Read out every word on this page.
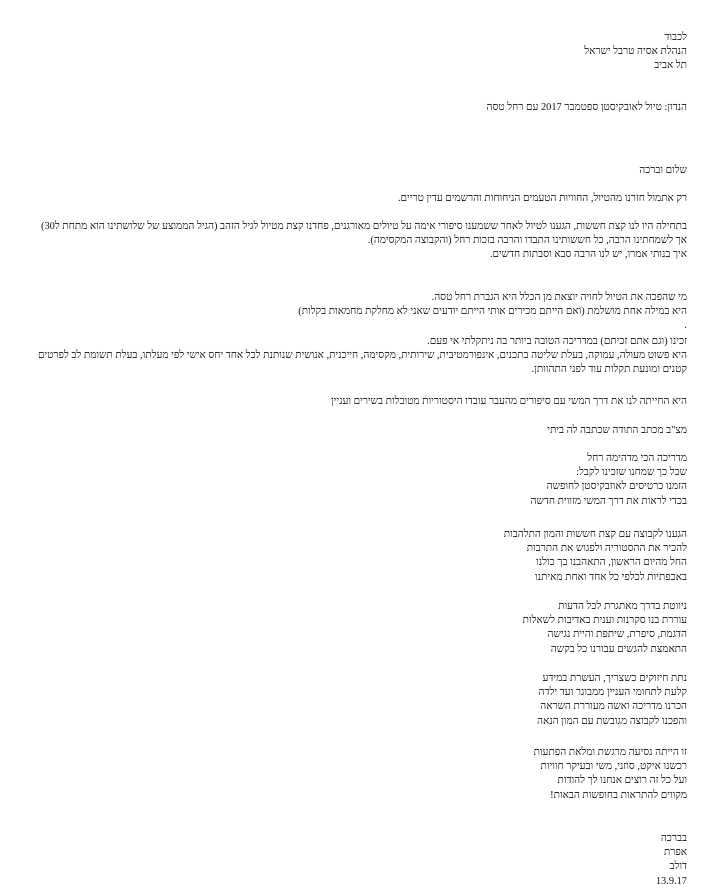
לכבוד
הנהלת אסיה טרבל ישראל
תל אביב
הנדון: טיול לאובקיסטן ספטמבר 2017 עם רחל טסה
שלום וברכה
רק אתמול חזרנו מהטיול, החוויות הטעמים הניחוחות והרשמים עדין טריים.
בתחילה היו לנו קצת חששות, הגענו לטיול לאחר ששמענו סיפורי אימה על טיולים מאורגנים, פחדנו קצת מטיול לגיל הזהב (הגיל הממוצע של שלושתינו הוא מתחת ל30)
אך לשמחתינו הרבה, כל חששותינו התבדו והרבה בזכות רחל (והקבוצה המקסימה).
איך בנותי אמרו, יש לנו הרבה סבא וסבתות חדשים.
מי שהפכה את הטיול לחויה יוצאת מן הכלל היא הגברת רחל טסה.
היא במילה אחת מושלמת (ואם הייתם מכירים אותי הייתם יודעים שאני לא מחלקת מחמאות בקלות)
.
זכינו (וגם אתם זכיתם) במדריכה הטובה ביותר בה ניתקלתי אי פעם.
היא פשוט מעולה, עמוקה, בעלת שליטה בתכנים, אינפורמטיבית, שירותית, מקסימה, חייכנית, אנושית שנותנת לכל אחד יחס אישי לפי מעלתו, בעלת תשומת לב לפרטים קטנים ומונעת תקלות עוד לפני התהוותן.
היא החייתה לנו את דרך המשי עם סיפורים מהעבר עובדו היסטוריות מטובלות בשירים ועניין
מצ"ב מכתב התודה שכתבה לה ביתי
מדריכה הכי מדהימה רחל
שכל כך שמחנו שזכינו לקבל:
הזמנו כרטיסים לאוזבקיסטן לחופשה
בכדי לראות את דרך המשי מזווית חדשה
הגענו לקבוצה עם קצת חששות והמון התלהבות
להכיר את ההסטוריה ולפגוש את התרבות
החל מהיום הראשון, התאהבנו בך כולנו
באכפתיות לכלפי כל אחד ואחת מאיתנו
ניווטת בדרך מאתגרת לכל הדעות
עוררת בנו סקרנות וענית באדיבות לשאלות
הדגמת, סיפרת, שיתפת והיית נגישה
התאמצת להגשים עבורנו כל בקשה
נתת חיזוקים כשצריך, העשרת במידע
קלעת לתחומי העניין ממבוגר ועד ילדה
הכרנו מדריכה ואשה מעוררת השראה
והפכנו לקבוצה מגובשת עם המון הנאה
זו הייתה נסיעה מרגשת ומלאת הפתעות
רכשנו איקט, סוזני, משי ובעיקר חוויות
ועל כל זה רוצים אנחנו לך להודות
מקווים להתראות בחופשות הבאות!
בברכה
אפרת
דולב
13.9.17
